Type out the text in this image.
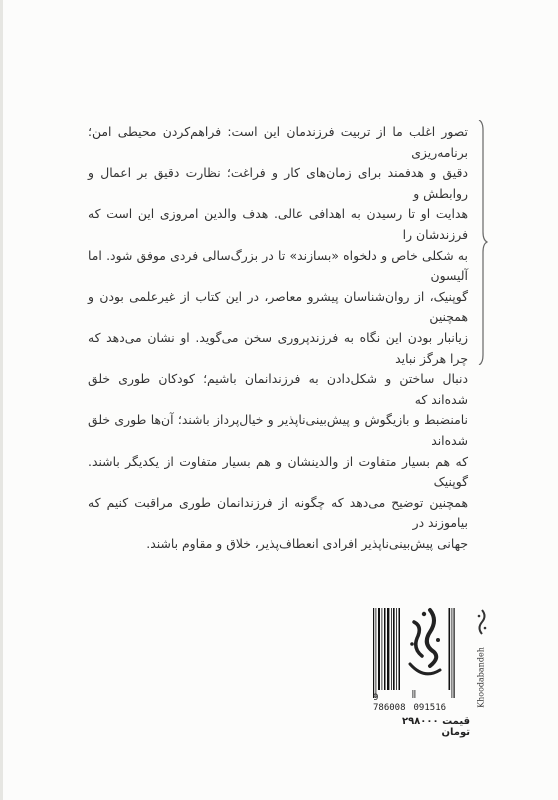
تصور اغلب ما از تربیت فرزندمان این است: فراهم‌کردن محیطی امن؛ برنامه‌ریزی

دقیق و هدفمند برای زمان‌های کار و فراغت؛ نظارت دقیق بر اعمال و روابطش و

هدایت او تا رسیدن به اهدافی عالی. هدف والدین امروزی این است که فرزندشان را

به شکلی خاص و دلخواه «بسازند» تا در بزرگ‌سالی فردی موفق شود. اما آلیسون

گوپنیک، از روان‌شناسان پیشرو معاصر، در این کتاب از غیرعلمی بودن و همچنین

زیانبار بودن این نگاه به فرزندپروری سخن می‌گوید. او نشان می‌دهد که چرا هرگز نباید

دنبال ساختن و شکل‌دادن به فرزندانمان باشیم؛ کودکان طوری خلق شده‌اند که

نامنضبط و بازیگوش و پیش‌بینی‌ناپذیر و خیال‌پرداز باشند؛ آن‌ها طوری خلق شده‌اند

که هم بسیار متفاوت از والدینشان و هم بسیار متفاوت از یکدیگر باشند. گوپنیک

همچنین توضیح می‌دهد که چگونه از فرزندانمان طوری مراقبت کنیم که بیاموزند در

جهانی پیش‌بینی‌ناپذیر افرادی انعطاف‌پذیر، خلاق و مقاوم باشند.

9
786008 091516
قیمت ۲۹۸۰۰۰ تومان
Khoodabandeh
